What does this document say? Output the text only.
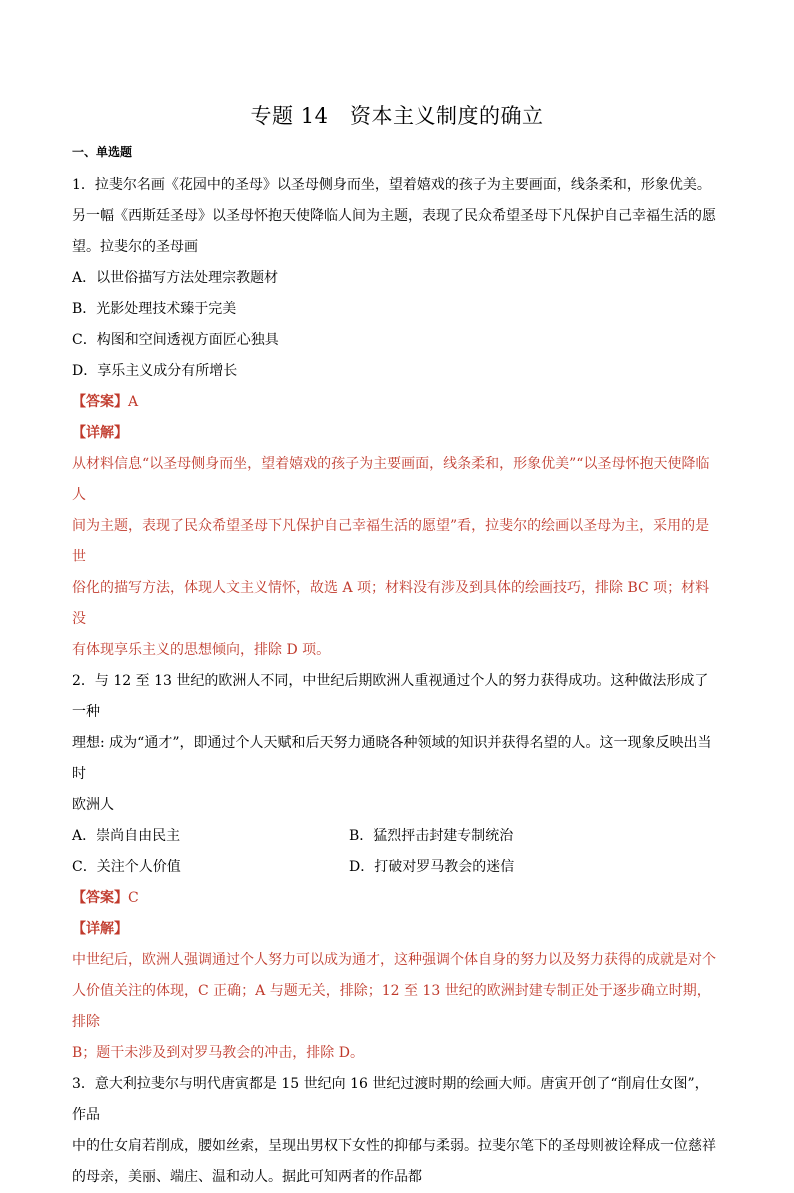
专题 14　资本主义制度的确立
一、单选题

1．拉斐尔名画《花园中的圣母》以圣母侧身而坐，望着嬉戏的孩子为主要画面，线条柔和，形象优美。

另一幅《西斯廷圣母》以圣母怀抱天使降临人间为主题，表现了民众希望圣母下凡保护自己幸福生活的愿

望。拉斐尔的圣母画

A．以世俗描写方法处理宗教题材

B．光影处理技术臻于完美

C．构图和空间透视方面匠心独具

D．享乐主义成分有所增长

【答案】A

【详解】

从材料信息“以圣母侧身而坐，望着嬉戏的孩子为主要画面，线条柔和，形象优美”“以圣母怀抱天使降临人

间为主题，表现了民众希望圣母下凡保护自己幸福生活的愿望”看，拉斐尔的绘画以圣母为主，采用的是世

俗化的描写方法，体现人文主义情怀，故选 A 项；材料没有涉及到具体的绘画技巧，排除 BC 项；材料没

有体现享乐主义的思想倾向，排除 D 项。

2．与 12 至 13 世纪的欧洲人不同，中世纪后期欧洲人重视通过个人的努力获得成功。这种做法形成了一种

理想: 成为“通才”，即通过个人天赋和后天努力通晓各种领域的知识并获得名望的人。这一现象反映出当时

欧洲人

A．崇尚自由民主	B．猛烈抨击封建专制统治
C．关注个人价值	D．打破对罗马教会的迷信

【答案】C

【详解】

中世纪后，欧洲人强调通过个人努力可以成为通才，这种强调个体自身的努力以及努力获得的成就是对个

人价值关注的体现，C 正确；A 与题无关，排除；12 至 13 世纪的欧洲封建专制正处于逐步确立时期，排除

B；题干未涉及到对罗马教会的冲击，排除 D。

3．意大利拉斐尔与明代唐寅都是 15 世纪向 16 世纪过渡时期的绘画大师。唐寅开创了“削肩仕女图”，作品

中的仕女肩若削成，腰如丝索，呈现出男权下女性的抑郁与柔弱。拉斐尔笔下的圣母则被诠释成一位慈祥

的母亲，美丽、端庄、温和动人。据此可知两者的作品都
